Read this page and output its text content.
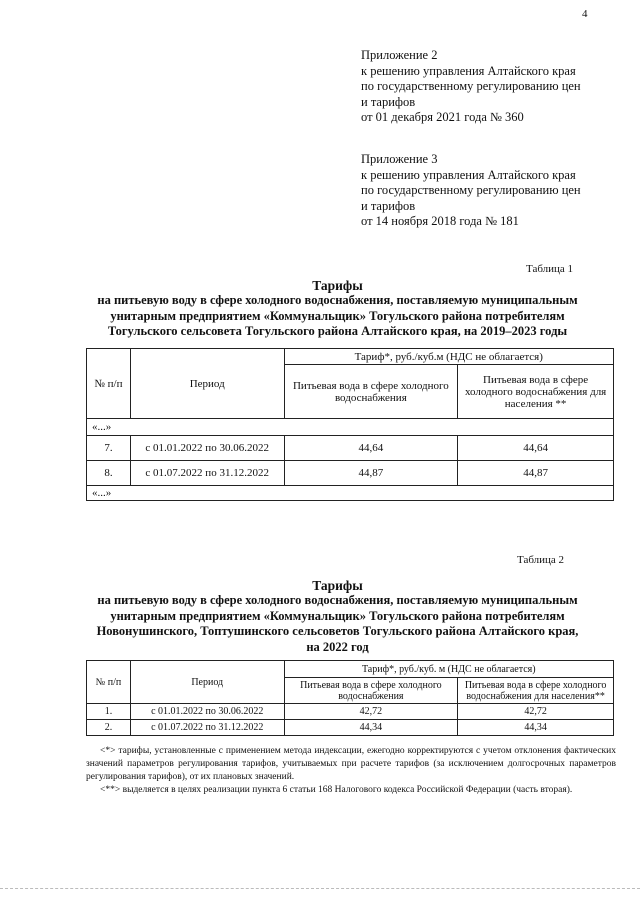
4
Приложение 2
к решению управления Алтайского края
по государственному регулированию цен
и тарифов
от 01 декабря 2021 года № 360
Приложение 3
к решению управления Алтайского края
по государственному регулированию цен
и тарифов
от 14 ноября 2018 года № 181
Таблица 1
Тарифы
на питьевую воду в сфере холодного водоснабжения, поставляемую муниципальным
унитарным предприятием «Коммунальщик» Тогульского района потребителям
Тогульского сельсовета Тогульского района Алтайского края, на 2019–2023 годы
№ п/п	Период	Тариф*, руб./куб.м (НДС не облагается)	
		Питьевая вода в сфере холодного водоснабжения	Питьевая вода в сфере холодного водоснабжения для населения **
«...»			
7.	с 01.01.2022 по 30.06.2022	44,64	44,64
8.	с 01.07.2022 по 31.12.2022	44,87	44,87
«...»			
Таблица 2
Тарифы
на питьевую воду в сфере холодного водоснабжения, поставляемую муниципальным
унитарным предприятием «Коммунальщик» Тогульского района потребителям
Новонушинского, Топтушинского сельсоветов Тогульского района Алтайского края,
на 2022 год
№ п/п	Период	Тариф*, руб./куб. м (НДС не облагается)	
		Питьевая вода в сфере холодного водоснабжения	Питьевая вода в сфере холодного водоснабжения для населения**
1.	с 01.01.2022 по 30.06.2022	42,72	42,72
2.	с 01.07.2022 по 31.12.2022	44,34	44,34

<*> тарифы, установленные с применением метода индексации, ежегодно корректируются с учетом отклонения фактических значений параметров регулирования тарифов, учитываемых при расчете тарифов (за исключением долгосрочных параметров регулирования тарифов), от их плановых значений.

<**> выделяется в целях реализации пункта 6 статьи 168 Налогового кодекса Российской Федерации (часть вторая).
